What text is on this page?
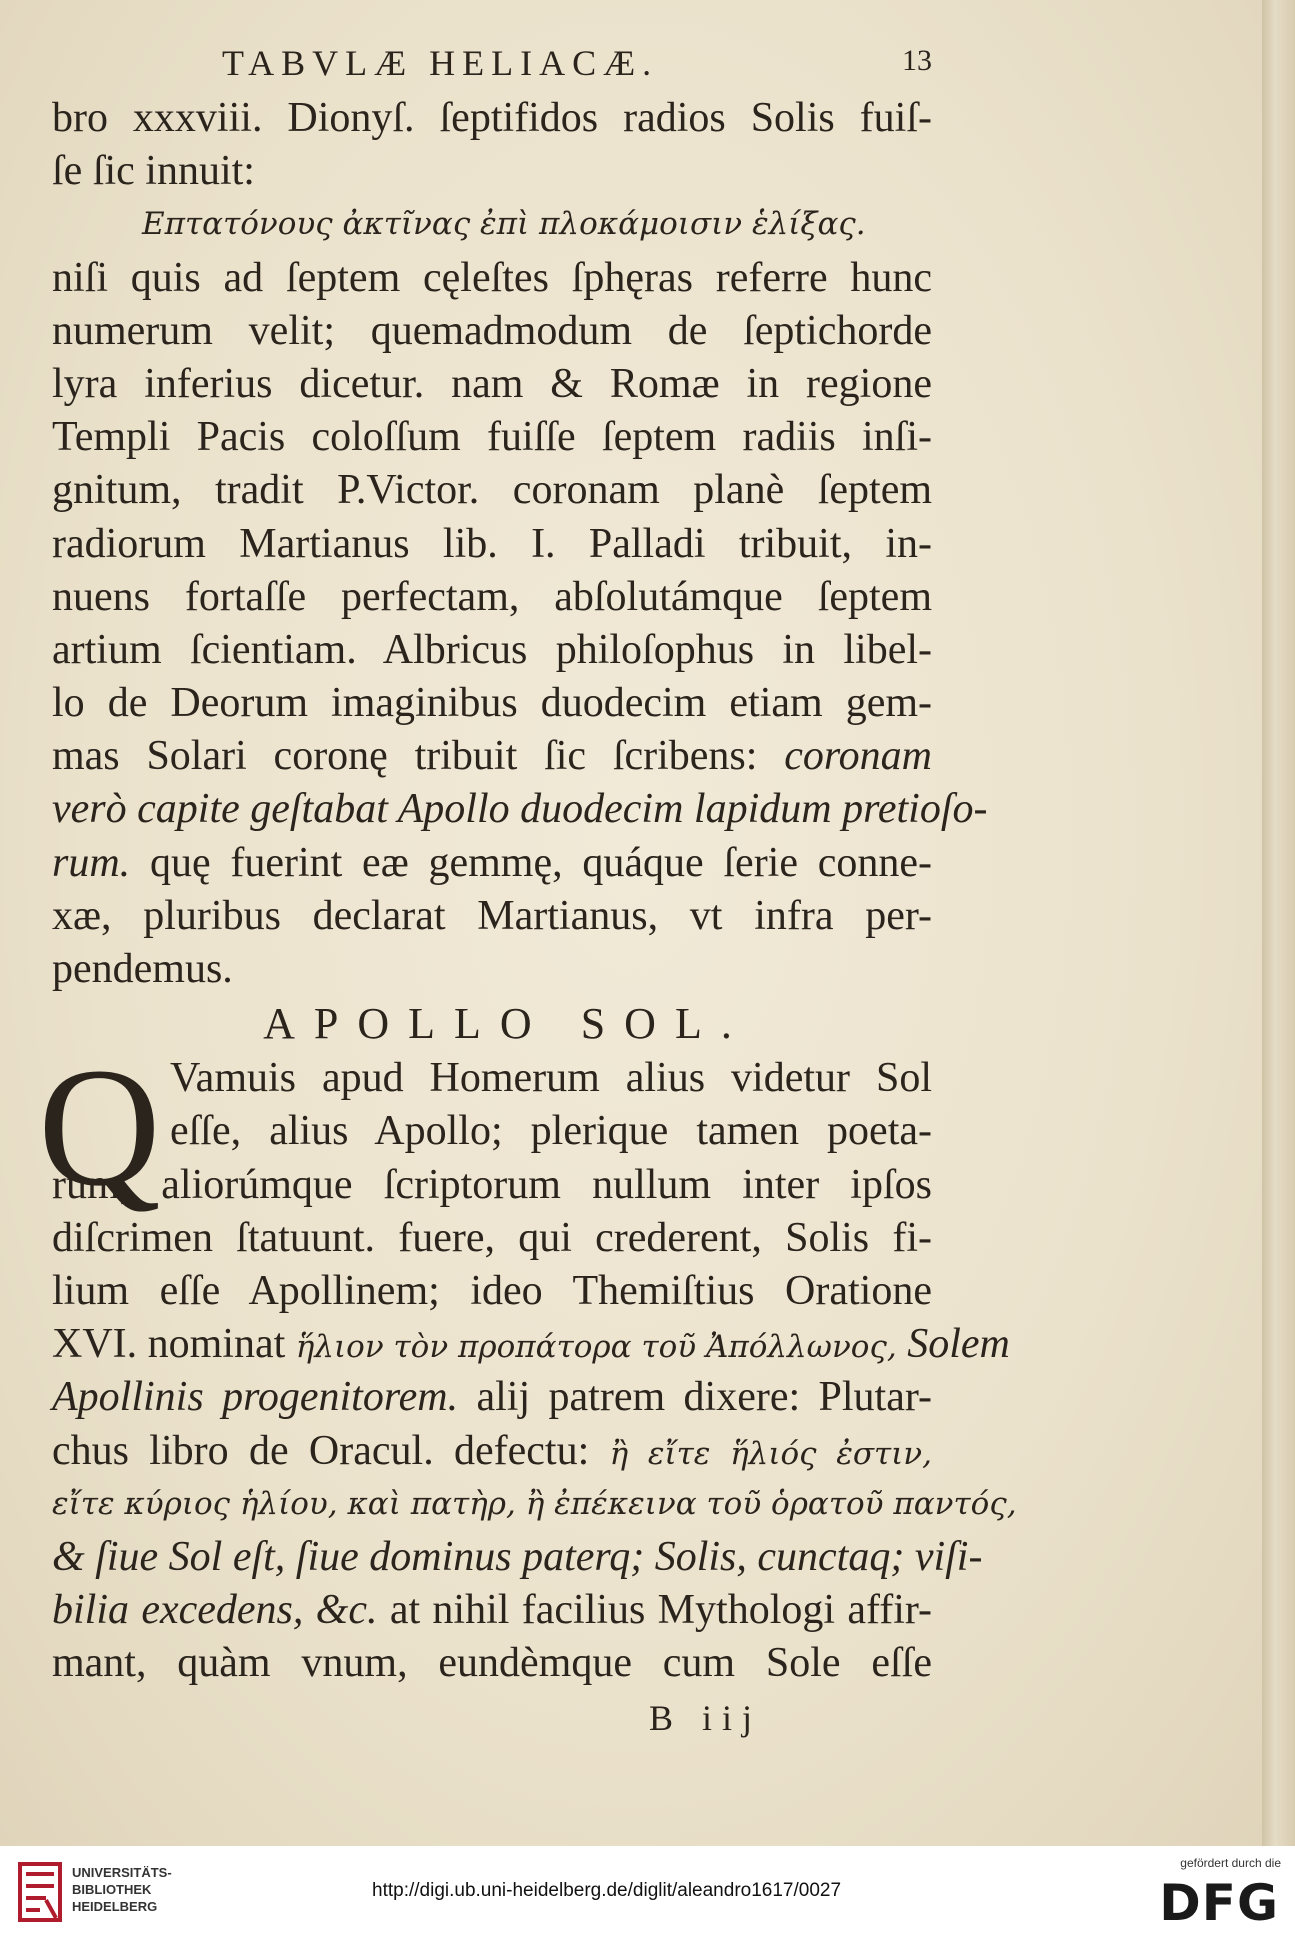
TABVLÆ HELIACÆ.	13
bro xxxviii. Dionyſ. ſeptifidos radios Solis fuiſ-
ſe ſic innuit:
Επτατόνους ἀκτῖνας ἐπὶ πλοκάμοισιν ἑλίξας.
niſi quis ad ſeptem cęleſtes ſphęras referre hunc
numerum velit; quemadmodum de ſeptichorde
lyra inferius dicetur. nam & Romæ in regione
Templi Pacis coloſſum fuiſſe ſeptem radiis inſi-
gnitum, tradit P.Victor. coronam planè ſeptem
radiorum Martianus lib. I. Palladi tribuit, in-
nuens fortaſſe perfectam, abſolutámque ſeptem
artium ſcientiam. Albricus philoſophus in libel-
lo de Deorum imaginibus duodecim etiam gem-
mas Solari coronę tribuit ſic ſcribens: coronam
verò capite geſtabat Apollo duodecim lapidum pretioſo-
rum. quę fuerint eæ gemmę, quáque ſerie conne-
xæ, pluribus declarat Martianus, vt infra per-
pendemus.
APOLLO SOL.
Q Vamuis apud Homerum alius videtur Sol
eſſe, alius Apollo; plerique tamen poeta-
rum, aliorúmque ſcriptorum nullum inter ipſos
diſcrimen ſtatuunt. fuere, qui crederent, Solis fi-
lium eſſe Apollinem; ideo Themiſtius Oratione
XVI. nominat ἥλιον τὸν προπάτορα τοῦ Ἀπόλλωνος, Solem
Apollinis progenitorem. alij patrem dixere: Plutar-
chus libro de Oracul. defectu: ἢ εἴτε ἥλιός ἐστιν,
εἴτε κύριος ἡλίου, καὶ πατὴρ, ἢ ἐπέκεινα τοῦ ὁρατοῦ παντός,
& ſiue Sol eſt, ſiue dominus paterq; Solis, cunctaq; viſi-
bilia excedens, &c. at nihil facilius Mythologi affir-
mant, quàm vnum, eundèmque cum Sole eſſe
B iij
UNIVERSITÄTS-
BIBLIOTHEK
HEIDELBERG
http://digi.ub.uni-heidelberg.de/diglit/aleandro1617/0027
gefördert durch die
DFG
